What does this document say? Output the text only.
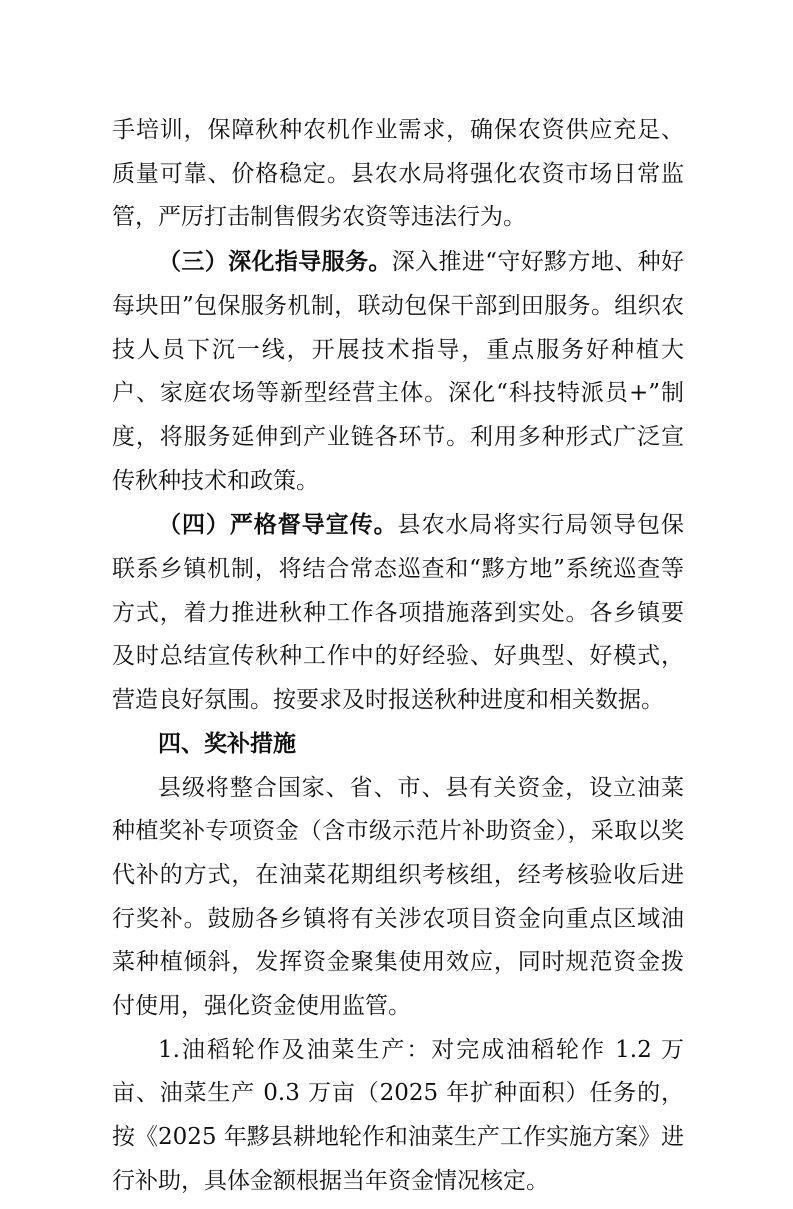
手培训，保障秋种农机作业需求，确保农资供应充足、质量可靠、价格稳定。县农水局将强化农资市场日常监管，严厉打击制售假劣农资等违法行为。

（三）深化指导服务。深入推进“守好黟方地、种好每块田”包保服务机制，联动包保干部到田服务。组织农技人员下沉一线，开展技术指导，重点服务好种植大户、家庭农场等新型经营主体。深化“科技特派员+”制度，将服务延伸到产业链各环节。利用多种形式广泛宣传秋种技术和政策。

（四）严格督导宣传。县农水局将实行局领导包保联系乡镇机制，将结合常态巡查和“黟方地”系统巡查等方式，着力推进秋种工作各项措施落到实处。各乡镇要及时总结宣传秋种工作中的好经验、好典型、好模式，营造良好氛围。按要求及时报送秋种进度和相关数据。

四、奖补措施

县级将整合国家、省、市、县有关资金，设立油菜种植奖补专项资金（含市级示范片补助资金），采取以奖代补的方式，在油菜花期组织考核组，经考核验收后进行奖补。鼓励各乡镇将有关涉农项目资金向重点区域油菜种植倾斜，发挥资金聚集使用效应，同时规范资金拨付使用，强化资金使用监管。

1.油稻轮作及油菜生产：对完成油稻轮作 1.2 万亩、油菜生产 0.3 万亩（2025 年扩种面积）任务的，按《2025 年黟县耕地轮作和油菜生产工作实施方案》进行补助，具体金额根据当年资金情况核定。
